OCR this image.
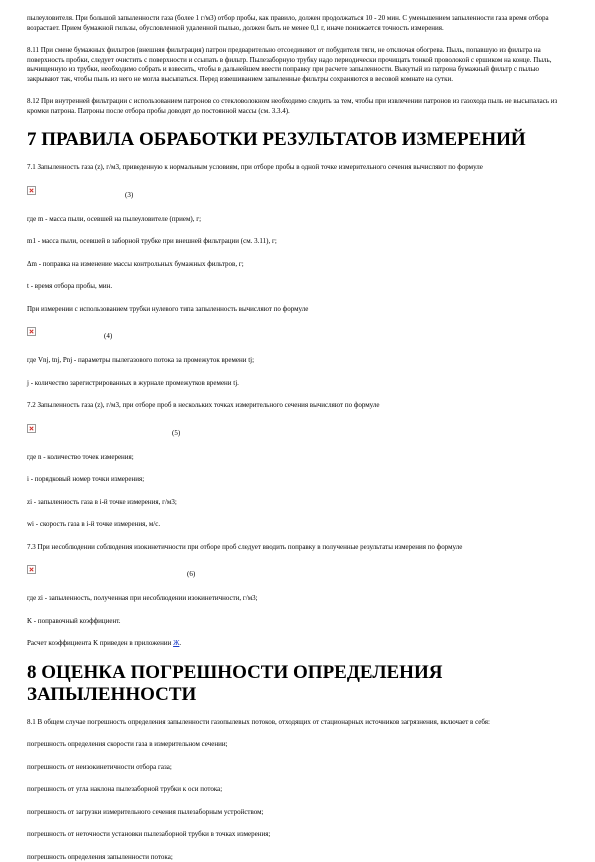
пылеуловителя. При большой запыленности газа (более 1 г/м3) отбор пробы, как правило, должен продолжаться 10 - 20 мин. С уменьшением запыленности газа время отбора возрастает. Прием бумажной гильзы, обусловленной удаленной пылью, должен быть не менее 0,1 г, иначе понижается точность измерения.

8.11 При смене бумажных фильтров (внешняя фильтрация) патрон предварительно отсоединяют от побудителя тяги, не отключая обогрева. Пыль, попавшую из фильтра на поверхность пробки, следует очистить с поверхности и ссыпать в фильтр. Пылезаборную трубку надо периодически прочищать тонкой проволокой с ершиком на конце. Пыль, вычищенную из трубки, необходимо собрать и взвесить, чтобы в дальнейшем ввести поправку при расчете запыленности. Выкутый из патрона бумажный фильтр с пылью закрывают так, чтобы пыль из него не могла высыпаться. Перед взвешиванием запыленные фильтры сохраняются в весовой комнате на сутки.

8.12 При внутренней фильтрации с использованием патронов со стекловолокном необходимо следить за тем, чтобы при извлечении патронов из газохода пыль не высыпалась из кромки патрона. Патроны после отбора пробы доводят до постоянной массы (см. 3.3.4).

7 ПРАВИЛА ОБРАБОТКИ РЕЗУЛЬТАТОВ ИЗМЕРЕНИЙ

7.1 Запыленность газа (z), г/м3, приведенную к нормальным условиям, при отборе пробы в одной точке измерительного сечения вычисляют по формуле

(3)

где m - масса пыли, осевшей на пылеуловителе (прием), г;

m1 - масса пыли, осевшей в заборной трубке при внешней фильтрации (см. 3.11), г;

Δm - поправка на изменение массы контрольных бумажных фильтров, г;

t - время отбора пробы, мин.

При измерении с использованием трубки нулевого типа запыленность вычисляют по формуле

(4)

где Vnj, tnj, Pnj - параметры пылегазового потока за промежуток времени tj;

j - количество зарегистрированных в журнале промежутков времени tj.

7.2 Запыленность газа (z), г/м3, при отборе проб в нескольких точках измерительного сечения вычисляют по формуле

(5)

где n - количество точек измерения;

i - порядковый номер точки измерения;

zi - запыленность газа в i-й точке измерения, г/м3;

wi - скорость газа в i-й точке измерения, м/с.

7.3 При несоблюдении соблюдения изокинетичности при отборе проб следует вводить поправку в полученные результаты измерения по формуле

(6)

где zi - запыленность, полученная при несоблюдении изокинетичности, г/м3;

K - поправочный коэффициент.

Расчет коэффициента K приведен в приложении Ж.

8 ОЦЕНКА ПОГРЕШНОСТИ ОПРЕДЕЛЕНИЯ ЗАПЫЛЕННОСТИ

8.1 В общем случае погрешность определения запыленности газопылевых потоков, отходящих от стационарных источников загрязнения, включает в себя:

погрешность определения скорости газа в измерительном сечении;

погрешность от неизокинетичности отбора газа;

погрешность от угла наклона пылезаборной трубки к оси потока;

погрешность от загрузки измерительного сечения пылезаборным устройством;

погрешность от неточности установки пылезаборной трубки в точках измерения;

погрешность определения запыленности потока;
